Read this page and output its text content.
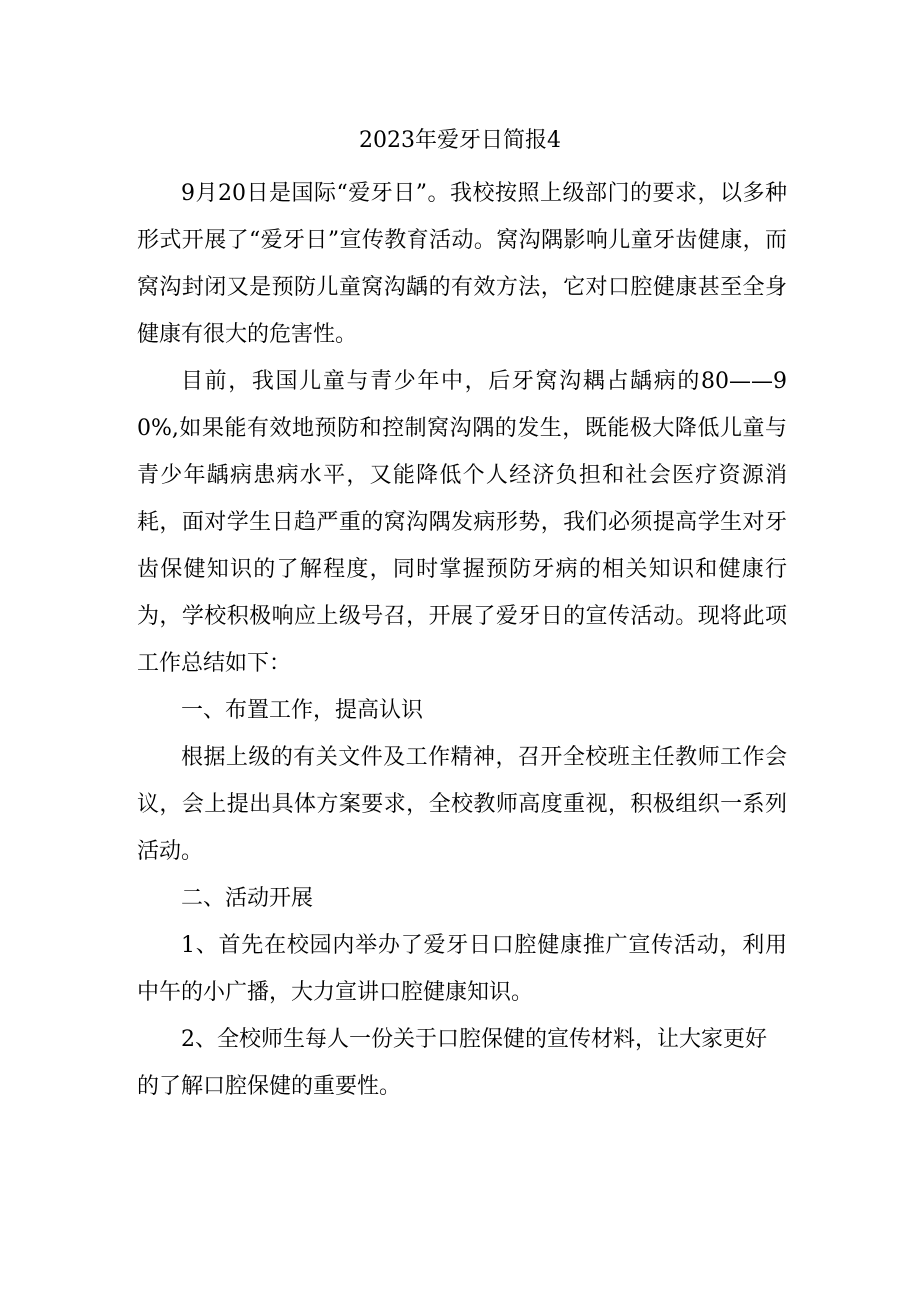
2023年爱牙日简报4

9月20日是国际“爱牙日”。我校按照上级部门的要求，以多种形式开展了“爱牙日”宣传教育活动。窝沟隅影响儿童牙齿健康，而窝沟封闭又是预防儿童窝沟龋的有效方法，它对口腔健康甚至全身健康有很大的危害性。

目前，我国儿童与青少年中，后牙窝沟耦占龋病的80——90%,如果能有效地预防和控制窝沟隅的发生，既能极大降低儿童与青少年龋病患病水平，又能降低个人经济负担和社会医疗资源消耗，面对学生日趋严重的窝沟隅发病形势，我们必须提高学生对牙齿保健知识的了解程度，同时掌握预防牙病的相关知识和健康行为，学校积极响应上级号召，开展了爱牙日的宣传活动。现将此项工作总结如下：

一、布置工作，提高认识

根据上级的有关文件及工作精神，召开全校班主任教师工作会议，会上提出具体方案要求，全校教师高度重视，积极组织一系列活动。

二、活动开展

1、首先在校园内举办了爱牙日口腔健康推广宣传活动，利用中午的小广播，大力宣讲口腔健康知识。

2、全校师生每人一份关于口腔保健的宣传材料，让大家更好的了解口腔保健的重要性。
